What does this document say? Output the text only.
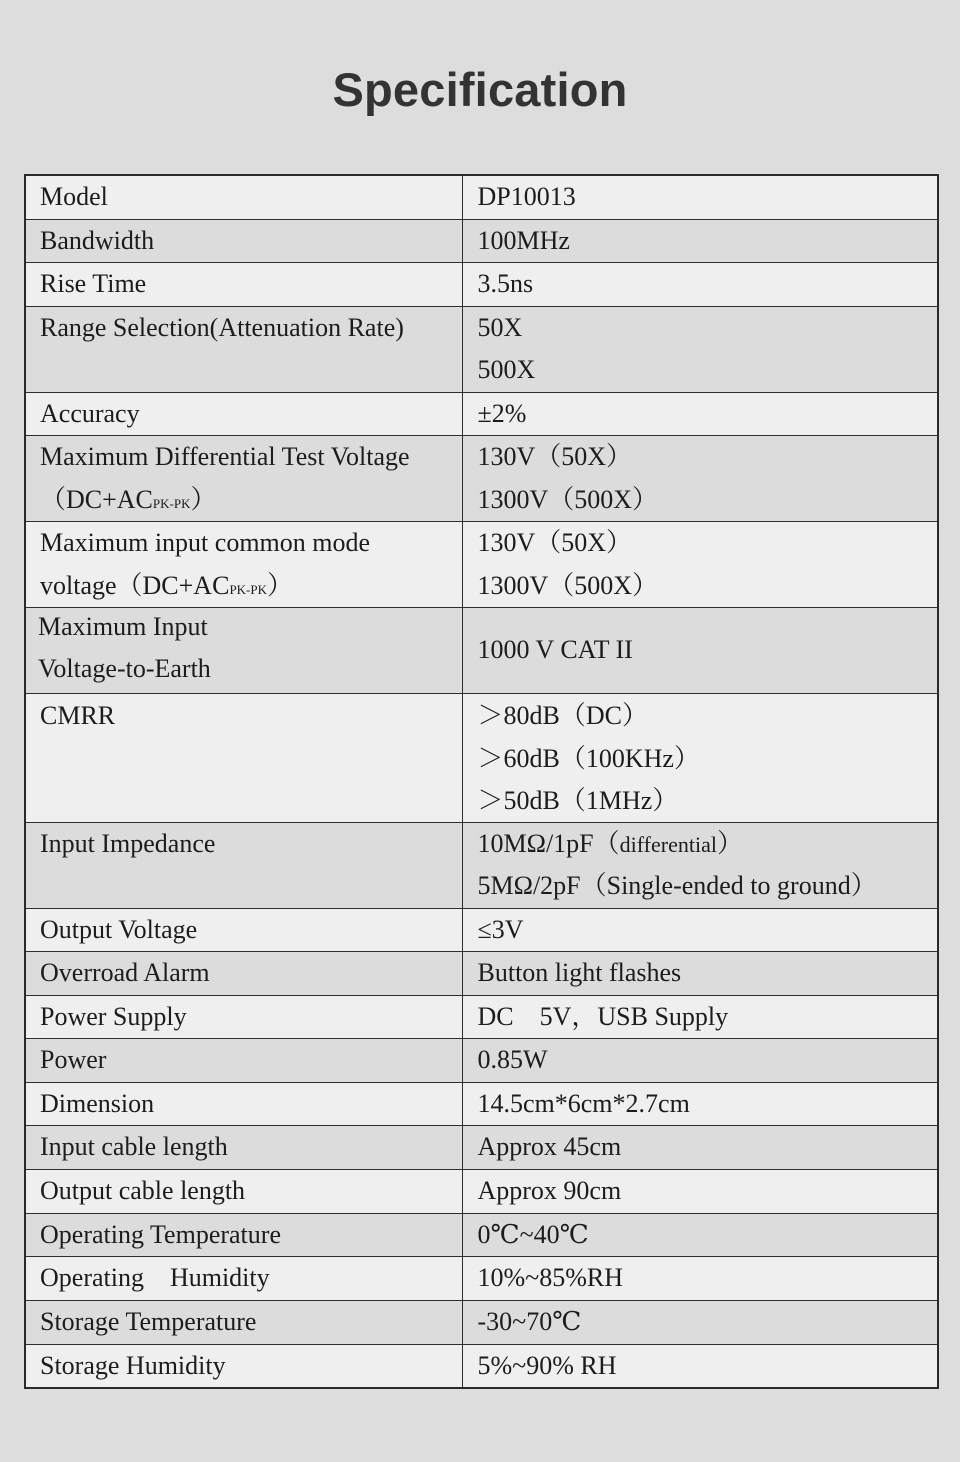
Specification
Model	DP10013
Bandwidth	100MHz
Rise Time	3.5ns
Range Selection(Attenuation Rate)	50X
500X

Accuracy	±2%

Maximum Differential Test Voltage
（DC+ACPK-PK）	130V（50X）
1300V（500X）

Maximum input common mode
voltage（DC+ACPK-PK）	130V（50X）
1300V（500X）

Maximum Input
Voltage-to-Earth	1000 V CAT II
CMRR	＞80dB（DC）
＞60dB（100KHz）
＞50dB（1MHz）

Input Impedance	10MΩ/1pF（differential）
5MΩ/2pF（Single-ended to ground）

Output Voltage	≤3V
Overroad Alarm	Button light flashes
Power Supply	DC    5V，USB Supply
Power	0.85W
Dimension	14.5cm*6cm*2.7cm
Input cable length	Approx 45cm
Output cable length	Approx 90cm
Operating Temperature	0℃~40℃
Operating    Humidity	10%~85%RH
Storage Temperature	-30~70℃
Storage Humidity	5%~90% RH
